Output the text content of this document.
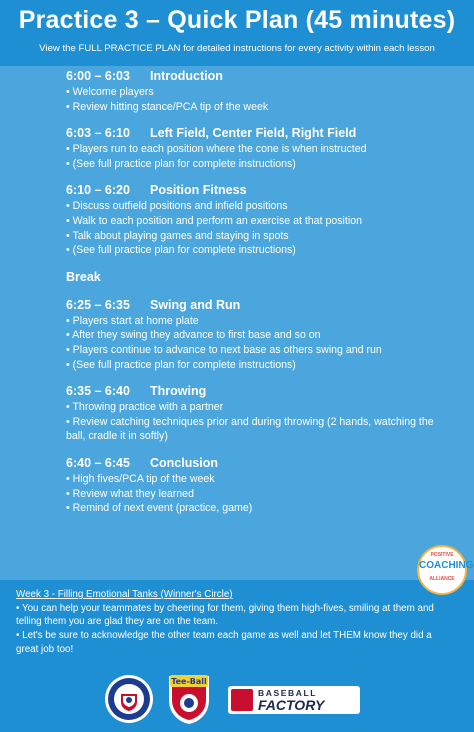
Practice 3 – Quick Plan (45 minutes)
View the FULL PRACTICE PLAN for detailed instructions for every activity within each lesson
6:00 – 6:03 Introduction
• Welcome players
• Review hitting stance/PCA tip of the week
6:03 – 6:10 Left Field, Center Field, Right Field
• Players run to each position where the cone is when instructed
• (See full practice plan for complete instructions)
6:10 – 6:20 Position Fitness
• Discuss outfield positions and infield positions
• Walk to each position and perform an exercise at that position
• Talk about playing games and staying in spots
• (See full practice plan for complete instructions)
Break
6:25 – 6:35 Swing and Run
• Players start at home plate
• After they swing they advance to first base and so on
• Players continue to advance to next base as others swing and run
• (See full practice plan for complete instructions)
6:35 – 6:40 Throwing
• Throwing practice with a partner
• Review catching techniques prior and during throwing (2 hands, watching the ball, cradle it in softly)
6:40 – 6:45 Conclusion
• High fives/PCA tip of the week
• Review what they learned
• Remind of next event (practice, game)
Week 3 - Filling Emotional Tanks (Winner's Circle)
• You can help your teammates by cheering for them, giving them high-fives, smiling at them and telling them you are glad they are on the team.
• Let's be sure to acknowledge the other team each game as well and let THEM know they did a great job too!
POSITIVE
COACHING
ALLIANCE
Tee-Ball
BASEBALL
FACTORY
